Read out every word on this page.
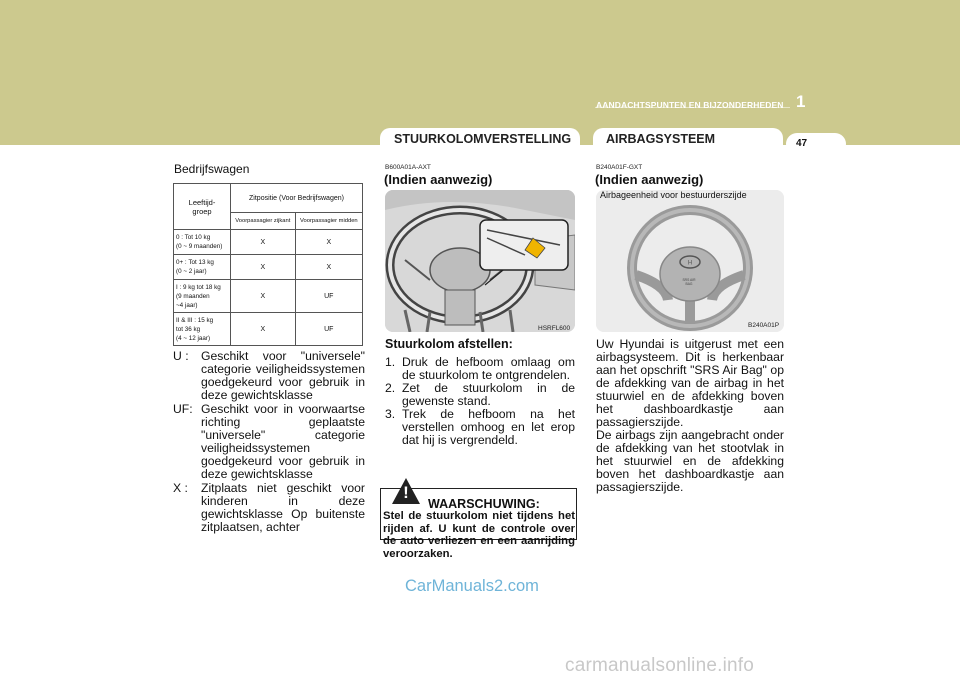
AANDACHTSPUNTEN EN BIJZONDERHEDEN 1
STUURKOLOMVERSTELLING	AIRBAGSYSTEEM	47
Bedrijfswagen
Leeftijd-
groep	Zitpositie (Voor Bedrijfswagen)	
	Voorpassagier zijkant	Voorpassagier midden
0 : Tot 10 kg
(0 ~ 9 maanden)	X	X
0+ : Tot 13 kg
(0 ~ 2 jaar)	X	X
I : 9 kg tot 18 kg
(9 maanden
~4 jaar)	X	UF
II & III : 15 kg
tot 36 kg
(4 ~ 12 jaar)	X	UF
U :	Geschikt voor "universele" categorie veiligheidssystemen goedgekeurd voor gebruik in deze gewichtsklasse
UF: Geschikt voor in voorwaartse richting geplaatste "universele" categorie veiligheidssystemen goedgekeurd voor gebruik in deze gewichtsklasse
X :	Zitplaats niet geschikt voor kinderen in deze gewichtsklasse Op buitenste zitplaatsen, achter
B600A01A-AXT
(Indien aanwezig)
HSRFL600
Stuurkolom afstellen:
1. Druk de hefboom omlaag om de stuurkolom te ontgrendelen.
2. Zet de stuurkolom in de gewenste stand.
3. Trek de hefboom na het verstellen omhoog en let erop dat hij is vergrendeld.
!
WAARSCHUWING:
Stel de stuurkolom niet tijdens het rijden af. U kunt de controle over de auto verliezen en een aanrijding veroorzaken.
B240A01F-GXT
(Indien aanwezig)
H
SRS AIR BAG
Airbageenheid voor bestuurderszijde
B240A01P
Uw Hyundai is uitgerust met een airbagsysteem. Dit is herkenbaar aan het opschrift "SRS Air Bag" op de afdekking van de airbag in het stuurwiel en de afdekking boven het dashboardkastje aan passagierszijde.
De airbags zijn aangebracht onder de afdekking van het stootvlak in het stuurwiel en de afdekking boven het dashboardkastje aan passagierszijde.
CarManuals2.com
carmanualsonline.info
